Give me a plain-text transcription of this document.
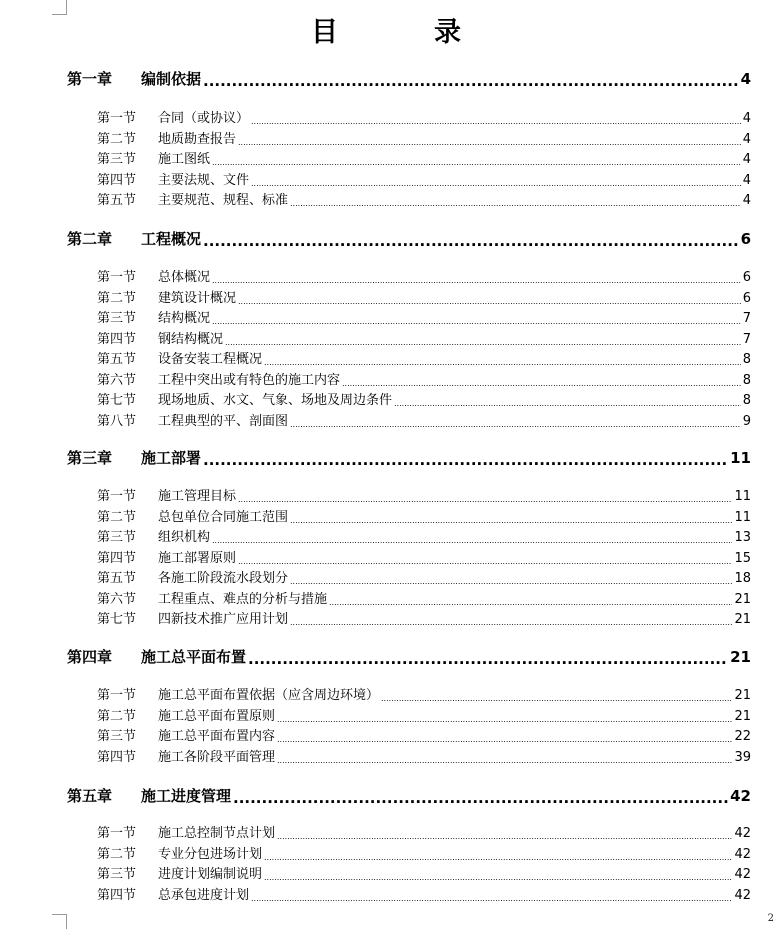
目	录
第一章	编制依据 .....	4
第一节	合同（或协议） .....	4
第二节	地质勘查报告 .....	4
第三节	施工图纸 .....	4
第四节	主要法规、文件 .....	4
第五节	主要规范、规程、标准 .....	4
第二章	工程概况 .....	6
第一节	总体概况 .....	6
第二节	建筑设计概况 .....	6
第三节	结构概况 .....	7
第四节	钢结构概况 .....	7
第五节	设备安装工程概况 .....	8
第六节	工程中突出或有特色的施工内容 .....	8
第七节	现场地质、水文、气象、场地及周边条件 .....	8
第八节	工程典型的平、剖面图 .....	9
第三章	施工部署 .....	11
第一节	施工管理目标 .....	11
第二节	总包单位合同施工范围 .....	11
第三节	组织机构 .....	13
第四节	施工部署原则 .....	15
第五节	各施工阶段流水段划分 .....	18
第六节	工程重点、难点的分析与措施 .....	21
第七节	四新技术推广应用计划 .....	21
第四章	施工总平面布置 .....	21
第一节	施工总平面布置依据（应含周边环境） .....	21
第二节	施工总平面布置原则 .....	21
第三节	施工总平面布置内容 .....	22
第四节	施工各阶段平面管理 .....	39
第五章	施工进度管理 .....	42
第一节	施工总控制节点计划 .....	42
第二节	专业分包进场计划 .....	42
第三节	进度计划编制说明 .....	42
第四节	总承包进度计划 .....	42
2
